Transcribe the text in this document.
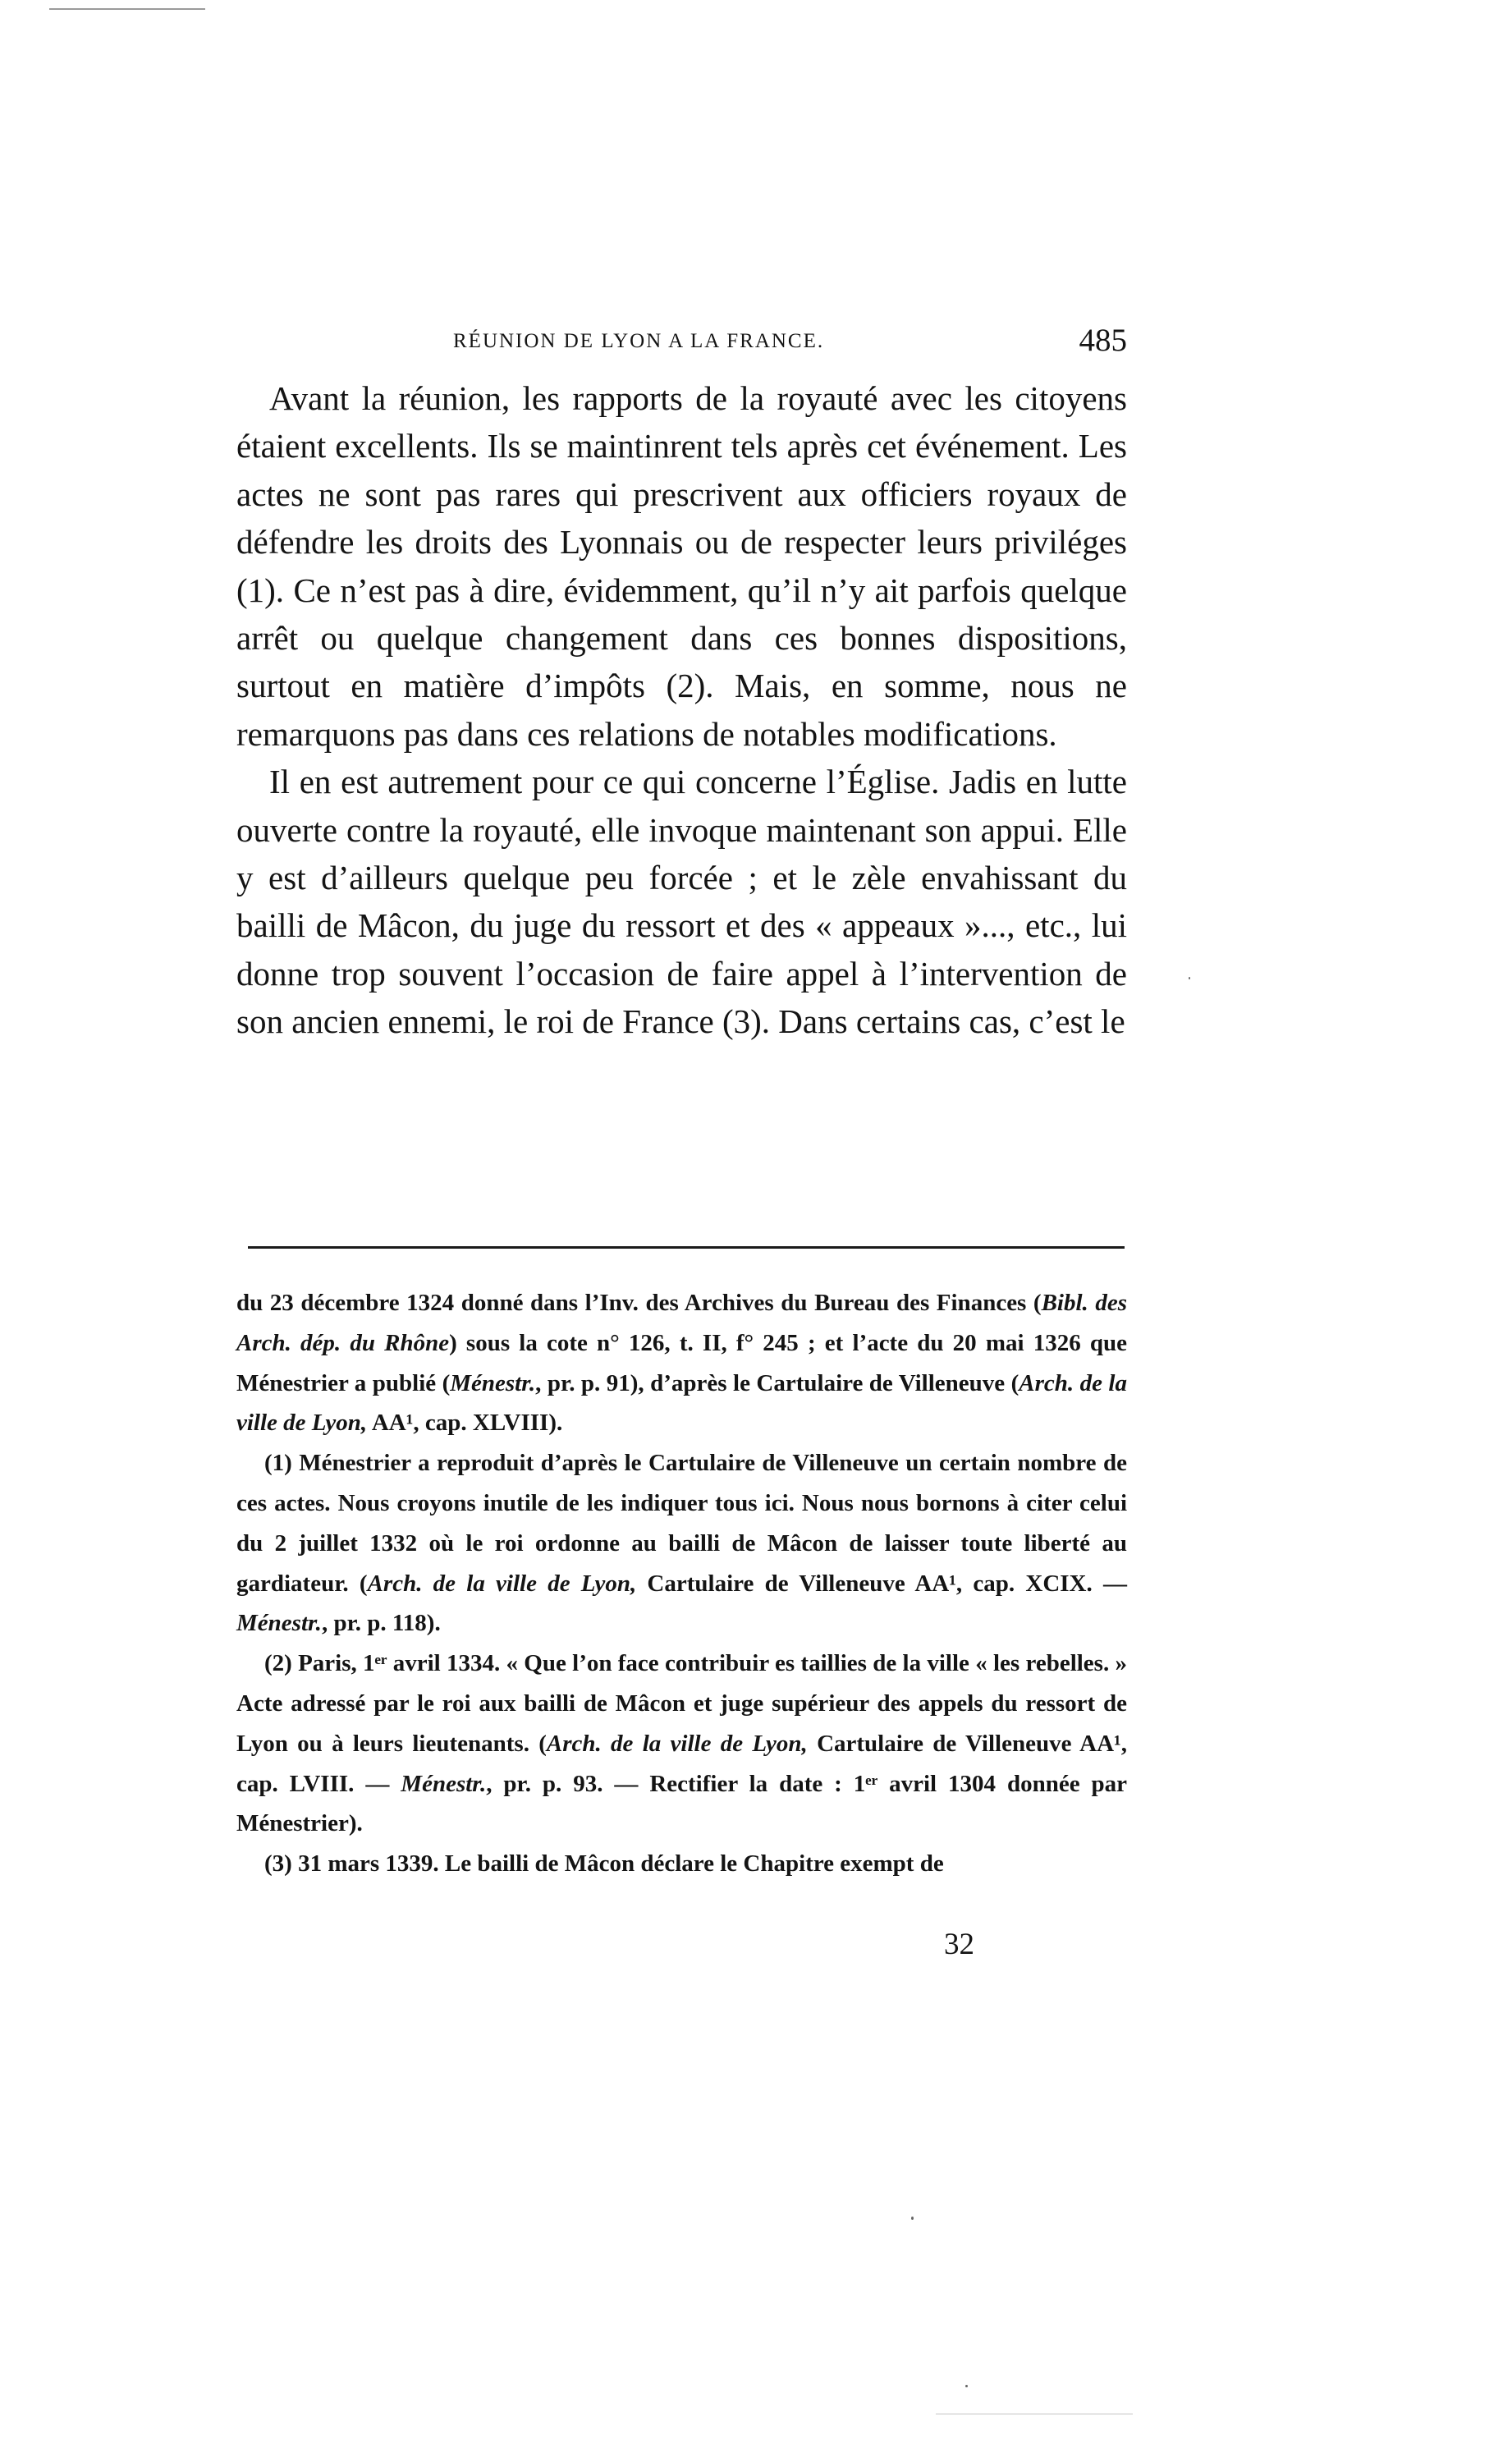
RÉUNION DE LYON A LA FRANCE.	485

Avant la réunion, les rapports de la royauté avec les citoyens étaient excellents. Ils se maintinrent tels après cet événement. Les actes ne sont pas rares qui prescrivent aux officiers royaux de défendre les droits des Lyonnais ou de respecter leurs priviléges (1). Ce n’est pas à dire, évidemment, qu’il n’y ait parfois quelque arrêt ou quelque changement dans ces bonnes dispositions, surtout en matière d’impôts (2). Mais, en somme, nous ne remarquons pas dans ces relations de notables modifications.

Il en est autrement pour ce qui concerne l’Église. Jadis en lutte ouverte contre la royauté, elle invoque maintenant son appui. Elle y est d’ailleurs quelque peu forcée ; et le zèle envahissant du bailli de Mâcon, du juge du ressort et des « appeaux »..., etc., lui donne trop souvent l’occasion de faire appel à l’intervention de son ancien ennemi, le roi de France (3). Dans certains cas, c’est le

du 23 décembre 1324 donné dans l’Inv. des Archives du Bureau des Finances (Bibl. des Arch. dép. du Rhône) sous la cote n° 126, t. II, f° 245 ; et l’acte du 20 mai 1326 que Ménestrier a publié (Ménestr., pr. p. 91), d’après le Cartulaire de Villeneuve (Arch. de la ville de Lyon, AA¹, cap. XLVIII).

(1) Ménestrier a reproduit d’après le Cartulaire de Villeneuve un certain nombre de ces actes. Nous croyons inutile de les indiquer tous ici. Nous nous bornons à citer celui du 2 juillet 1332 où le roi ordonne au bailli de Mâcon de laisser toute liberté au gardiateur. (Arch. de la ville de Lyon, Cartulaire de Villeneuve AA¹, cap. XCIX. — Ménestr., pr. p. 118).

(2) Paris, 1ᵉʳ avril 1334. « Que l’on face contribuir es taillies de la ville « les rebelles. » Acte adressé par le roi aux bailli de Mâcon et juge supérieur des appels du ressort de Lyon ou à leurs lieutenants. (Arch. de la ville de Lyon, Cartulaire de Villeneuve AA¹, cap. LVIII. — Ménestr., pr. p. 93. — Rectifier la date : 1ᵉʳ avril 1304 donnée par Ménestrier).

(3) 31 mars 1339. Le bailli de Mâcon déclare le Chapitre exempt de

32
